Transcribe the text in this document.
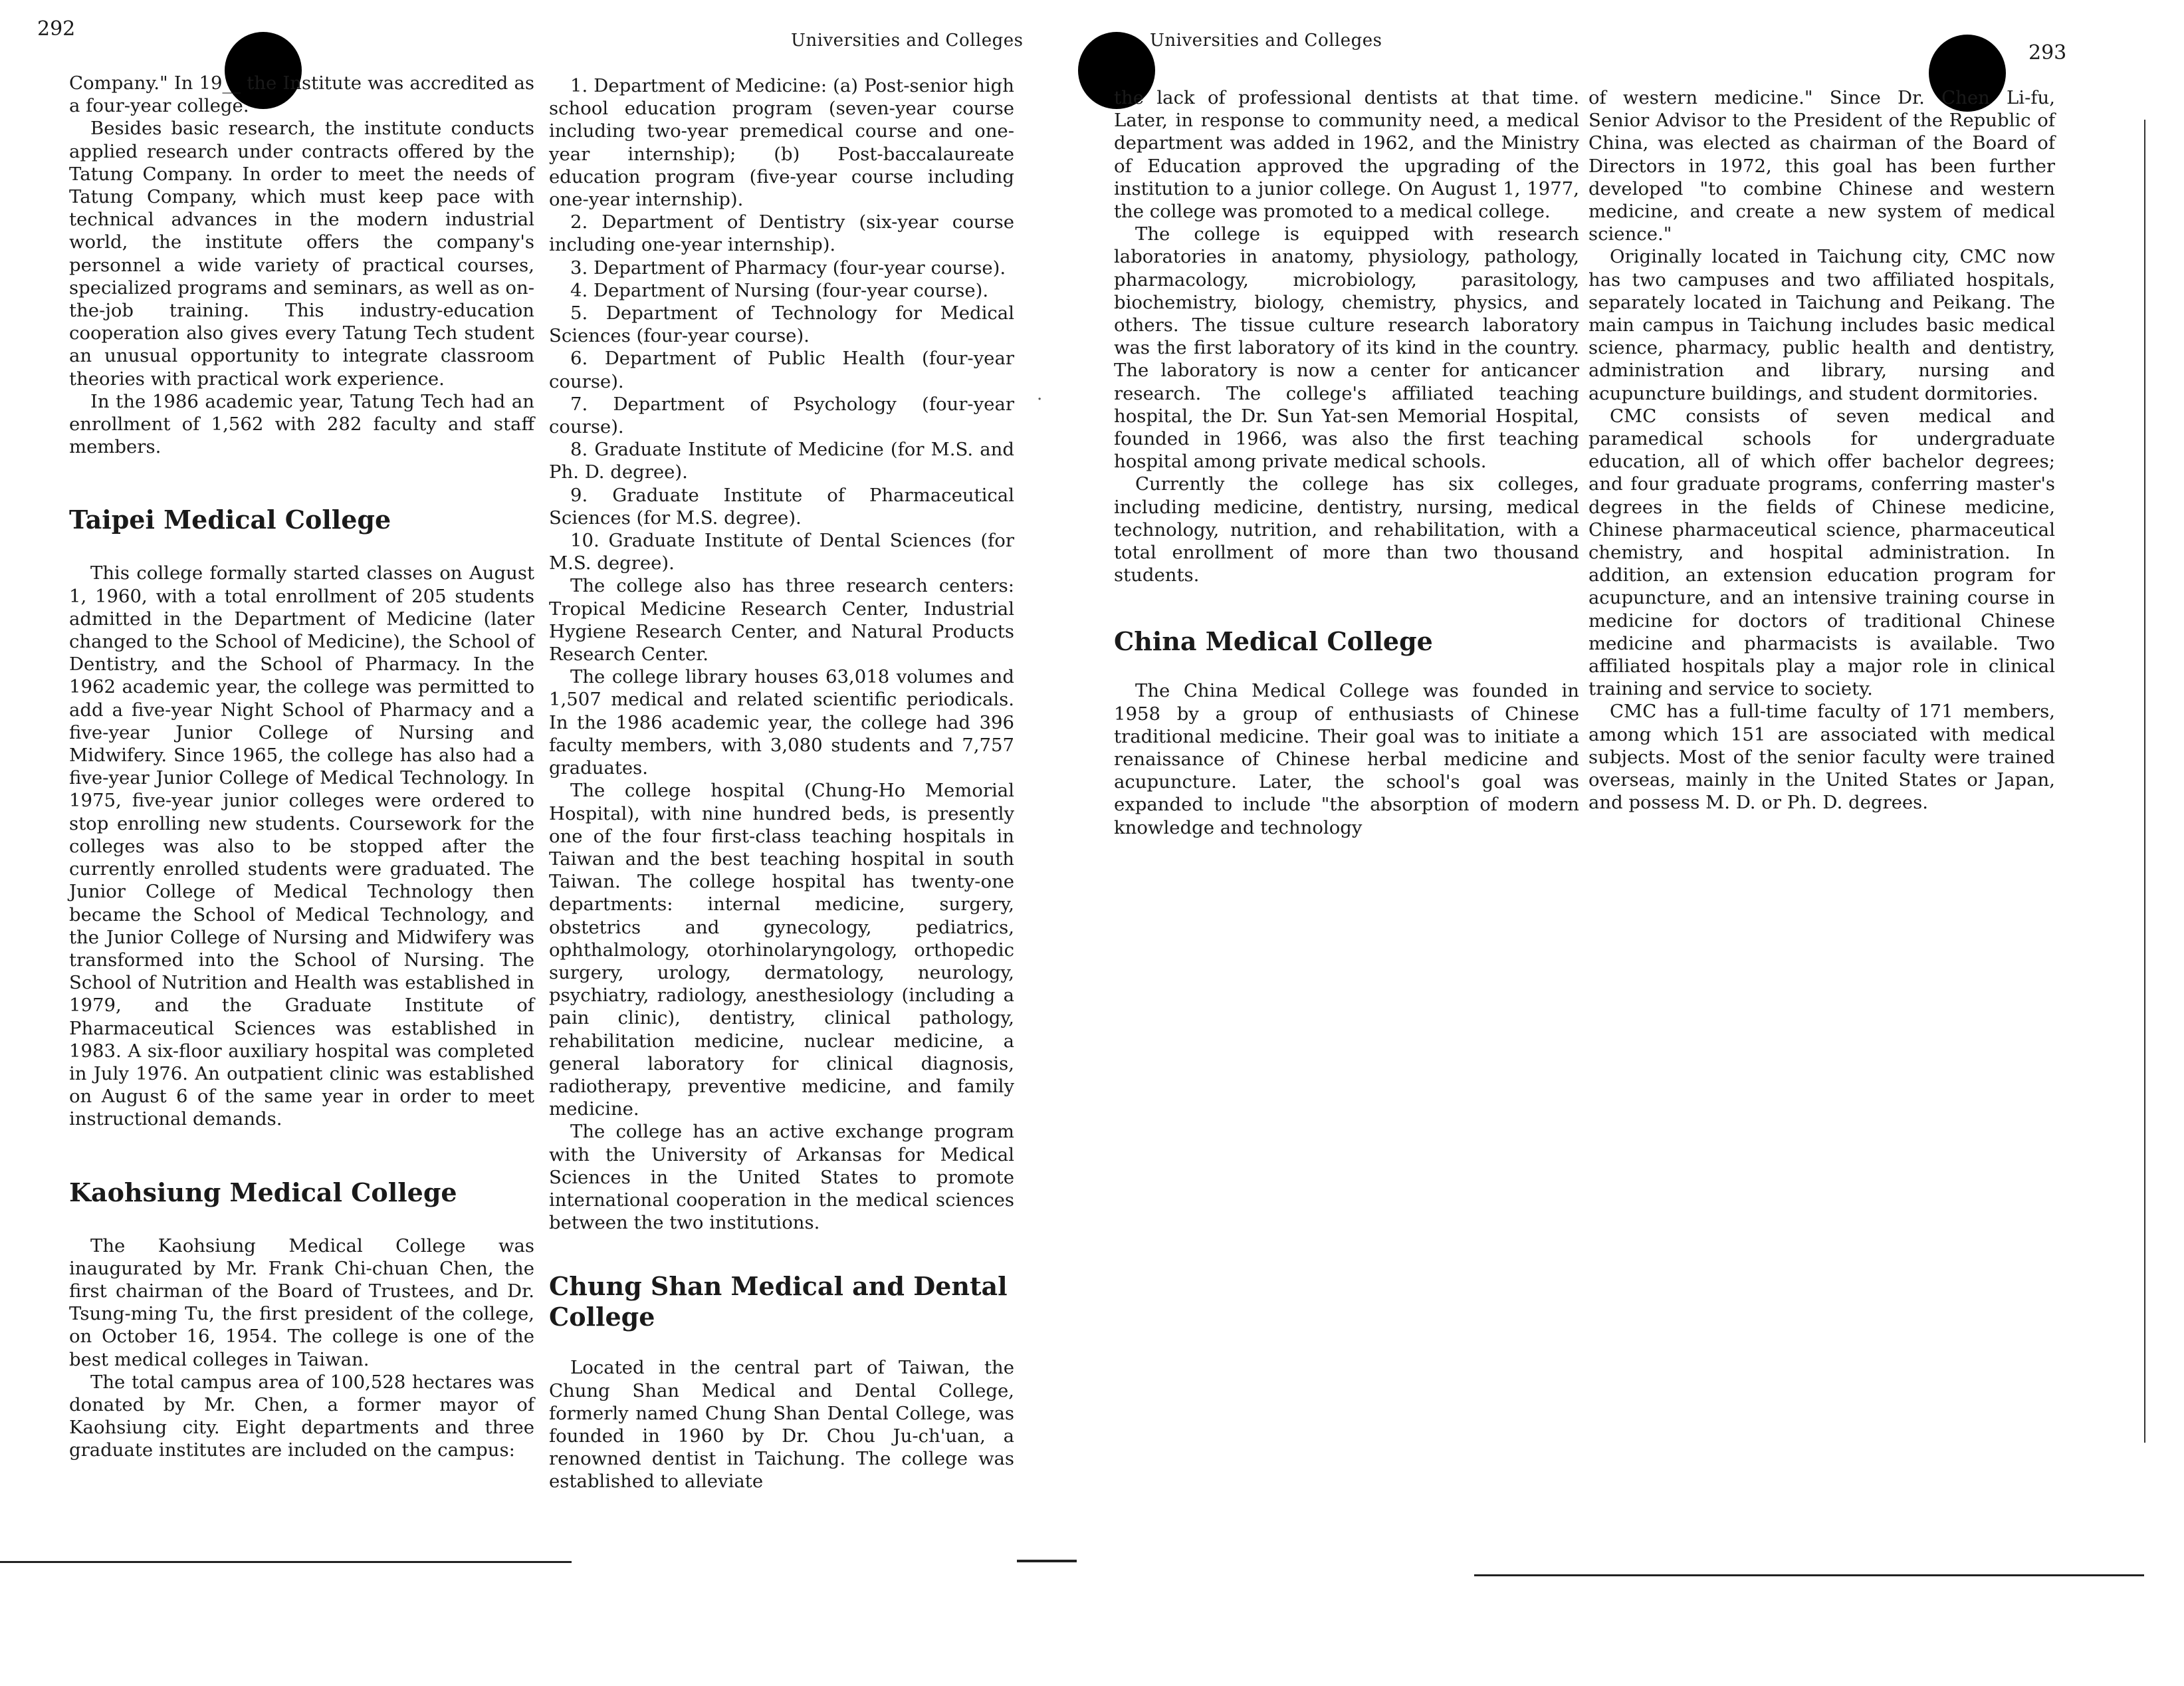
292	Universities and Colleges

Company." In 19__ the Institute was accredited as a four-year college.

Besides basic research, the institute conducts applied research under contracts offered by the Tatung Company. In order to meet the needs of Tatung Company, which must keep pace with technical advances in the modern industrial world, the institute offers the company's personnel a wide variety of practical courses, specialized programs and seminars, as well as on-the-job training. This industry-education cooperation also gives every Tatung Tech student an unusual opportunity to integrate classroom theories with practical work experience.

In the 1986 academic year, Tatung Tech had an enrollment of 1,562 with 282 faculty and staff members.

Taipei Medical College

This college formally started classes on August 1, 1960, with a total enrollment of 205 students admitted in the Department of Medicine (later changed to the School of Medicine), the School of Dentistry, and the School of Pharmacy. In the 1962 academic year, the college was permitted to add a five-year Night School of Pharmacy and a five-year Junior College of Nursing and Midwifery. Since 1965, the college has also had a five-year Junior College of Medical Technology. In 1975, five-year junior colleges were ordered to stop enrolling new students. Coursework for the colleges was also to be stopped after the currently enrolled students were graduated. The Junior College of Medical Technology then became the School of Medical Technology, and the Junior College of Nursing and Midwifery was transformed into the School of Nursing. The School of Nutrition and Health was established in 1979, and the Graduate Institute of Pharmaceutical Sciences was established in 1983. A six-floor auxiliary hospital was completed in July 1976. An outpatient clinic was established on August 6 of the same year in order to meet instructional demands.

Kaohsiung Medical College

The Kaohsiung Medical College was inaugurated by Mr. Frank Chi-chuan Chen, the first chairman of the Board of Trustees, and Dr. Tsung-ming Tu, the first president of the college, on October 16, 1954. The college is one of the best medical colleges in Taiwan.

The total campus area of 100,528 hectares was donated by Mr. Chen, a former mayor of Kaohsiung city. Eight departments and three graduate institutes are included on the campus:

1. Department of Medicine: (a) Post-senior high school education program (seven-year course including two-year premedical course and one-year internship); (b) Post-baccalaureate education program (five-year course including one-year internship).
2. Department of Dentistry (six-year course including one-year internship).
3. Department of Pharmacy (four-year course).
4. Department of Nursing (four-year course).
5. Department of Technology for Medical Sciences (four-year course).
6. Department of Public Health (four-year course).
7. Department of Psychology (four-year course).
8. Graduate Institute of Medicine (for M.S. and Ph. D. degree).
9. Graduate Institute of Pharmaceutical Sciences (for M.S. degree).
10. Graduate Institute of Dental Sciences (for M.S. degree).

The college also has three research centers: Tropical Medicine Research Center, Industrial Hygiene Research Center, and Natural Products Research Center.

The college library houses 63,018 volumes and 1,507 medical and related scientific periodicals. In the 1986 academic year, the college had 396 faculty members, with 3,080 students and 7,757 graduates.

The college hospital (Chung-Ho Memorial Hospital), with nine hundred beds, is presently one of the four first-class teaching hospitals in Taiwan and the best teaching hospital in south Taiwan. The college hospital has twenty-one departments: internal medicine, surgery, obstetrics and gynecology, pediatrics, ophthalmology, otorhinolaryngology, orthopedic surgery, urology, dermatology, neurology, psychiatry, radiology, anesthesiology (including a pain clinic), dentistry, clinical pathology, rehabilitation medicine, nuclear medicine, a general laboratory for clinical diagnosis, radiotherapy, preventive medicine, and family medicine.

The college has an active exchange program with the University of Arkansas for Medical Sciences in the United States to promote international cooperation in the medical sciences between the two institutions.

Chung Shan Medical and Dental College

Located in the central part of Taiwan, the Chung Shan Medical and Dental College, formerly named Chung Shan Dental College, was founded in 1960 by Dr. Chou Ju-ch'uan, a renowned dentist in Taichung. The college was established to alleviate

·
Universities and Colleges
293

the lack of professional dentists at that time. Later, in response to community need, a medical department was added in 1962, and the Ministry of Education approved the upgrading of the institution to a junior college. On August 1, 1977, the college was promoted to a medical college.

The college is equipped with research laboratories in anatomy, physiology, pathology, pharmacology, microbiology, parasitology, biochemistry, biology, chemistry, physics, and others. The tissue culture research laboratory was the first laboratory of its kind in the country. The laboratory is now a center for anticancer research. The college's affiliated teaching hospital, the Dr. Sun Yat-sen Memorial Hospital, founded in 1966, was also the first teaching hospital among private medical schools.

Currently the college has six colleges, including medicine, dentistry, nursing, medical technology, nutrition, and rehabilitation, with a total enrollment of more than two thousand students.

China Medical College

The China Medical College was founded in 1958 by a group of enthusiasts of Chinese traditional medicine. Their goal was to initiate a renaissance of Chinese herbal medicine and acupuncture. Later, the school's goal was expanded to include "the absorption of modern knowledge and technology

of western medicine." Since Dr. Chen Li-fu, Senior Advisor to the President of the Republic of China, was elected as chairman of the Board of Directors in 1972, this goal has been further developed "to combine Chinese and western medicine, and create a new system of medical science."

Originally located in Taichung city, CMC now has two campuses and two affiliated hospitals, separately located in Taichung and Peikang. The main campus in Taichung includes basic medical science, pharmacy, public health and dentistry, administration and library, nursing and acupuncture buildings, and student dormitories.

CMC consists of seven medical and paramedical schools for undergraduate education, all of which offer bachelor degrees; and four graduate programs, conferring master's degrees in the fields of Chinese medicine, Chinese pharmaceutical science, pharmaceutical chemistry, and hospital administration. In addition, an extension education program for acupuncture, and an intensive training course in medicine for doctors of traditional Chinese medicine and pharmacists is available. Two affiliated hospitals play a major role in clinical training and service to society.

CMC has a full-time faculty of 171 members, among which 151 are associated with medical subjects. Most of the senior faculty were trained overseas, mainly in the United States or Japan, and possess M. D. or Ph. D. degrees.
